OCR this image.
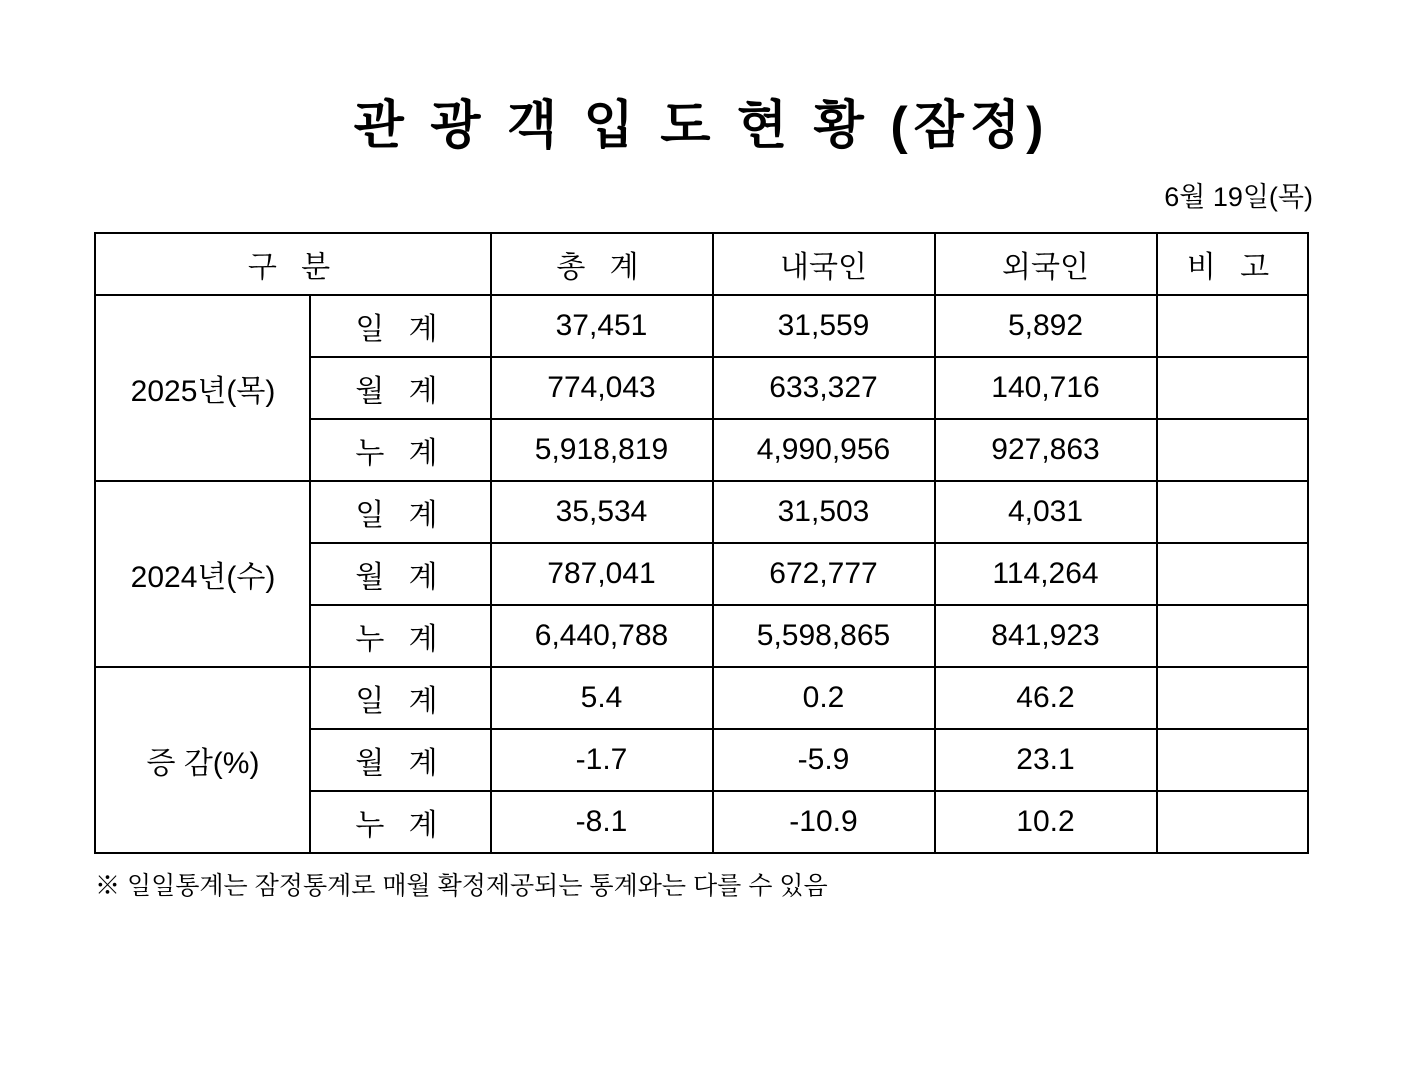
관 광 객 입 도 현 황 (잠정)
6월 19일(목)
구 분		총 계	내국인	외국인	비 고
2025년(목)	일 계	37,451	31,559	5,892	
	월 계	774,043	633,327	140,716	
	누 계	5,918,819	4,990,956	927,863	
2024년(수)	일 계	35,534	31,503	4,031	
	월 계	787,041	672,777	114,264	
	누 계	6,440,788	5,598,865	841,923	
증 감(%)	일 계	5.4	0.2	46.2	
	월 계	-1.7	-5.9	23.1	
	누 계	-8.1	-10.9	10.2	
※ 일일통계는 잠정통계로 매월 확정제공되는 통계와는 다를 수 있음
